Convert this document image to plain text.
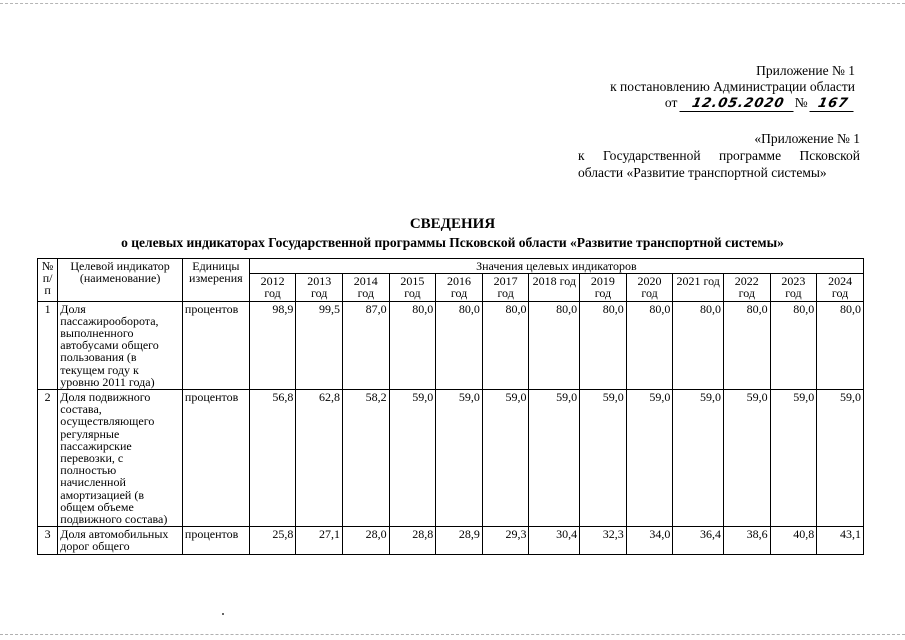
Приложение № 1
к постановлению Администрации области
от 12.05.2020 № 167
«Приложение № 1
к Государственной программе Псковской
области «Развитие транспортной системы»
СВЕДЕНИЯ
о целевых индикаторах Государственной программы Псковской области «Развитие транспортной системы»
№ п/п	Целевой индикатор (наименование)	Единицы измерения	Значения целевых индикаторов												
			2012 год	2013 год	2014 год	2015 год	2016 год	2017 год	2018 год	2019 год	2020 год	2021 год	2022 год	2023 год	2024 год
1	Доля пассажирооборота, выполненного автобусами общего пользования (в текущем году к уровню 2011 года)	процентов	98,9	99,5	87,0	80,0	80,0	80,0	80,0	80,0	80,0	80,0	80,0	80,0	80,0
2	Доля подвижного состава, осуществляющего регулярные пассажирские перевозки, с полностью начисленной амортизацией (в общем объеме подвижного состава)	процентов	56,8	62,8	58,2	59,0	59,0	59,0	59,0	59,0	59,0	59,0	59,0	59,0	59,0
3	Доля автомобильных дорог общего	процентов	25,8	27,1	28,0	28,8	28,9	29,3	30,4	32,3	34,0	36,4	38,6	40,8	43,1
